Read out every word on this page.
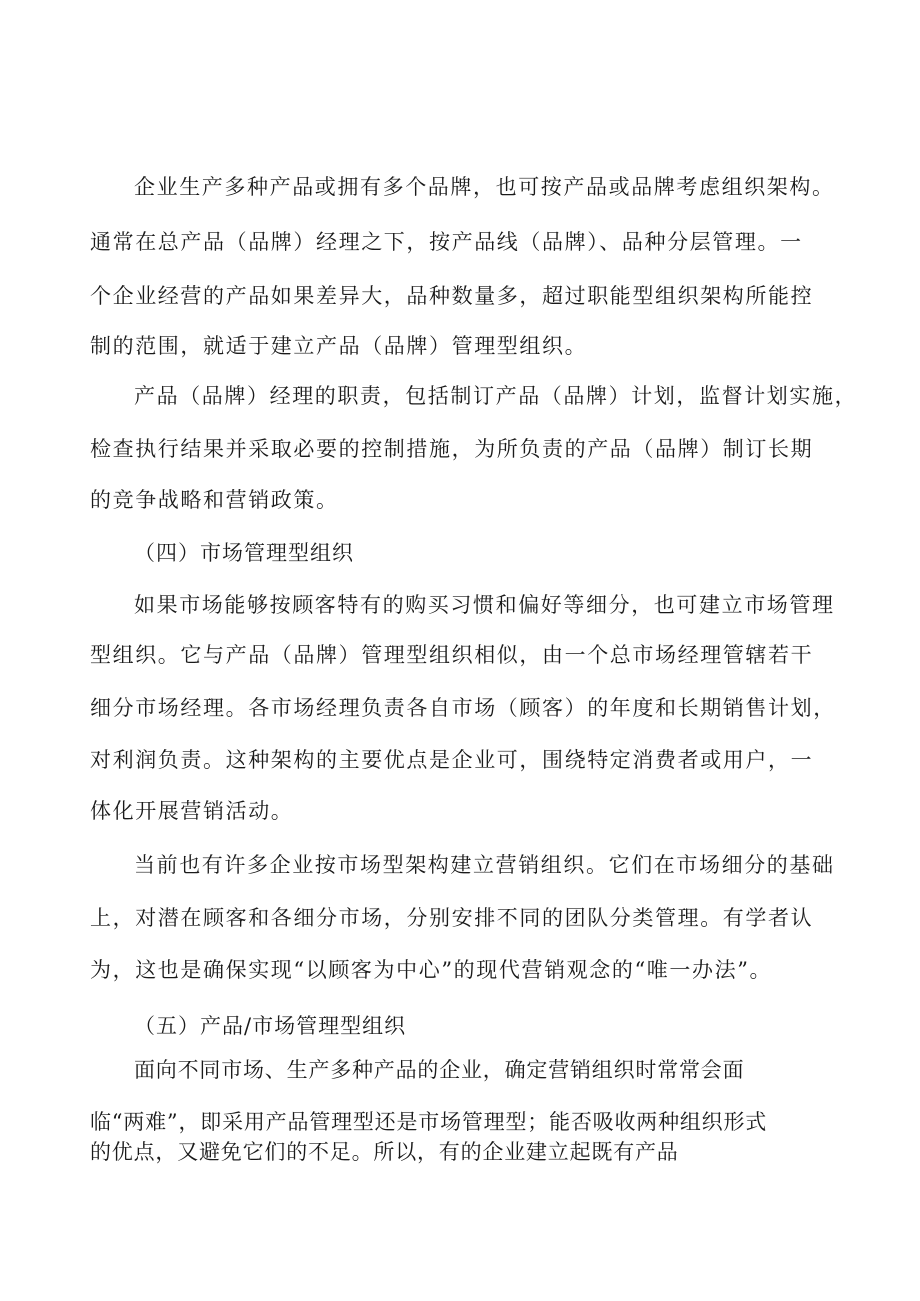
企业生产多种产品或拥有多个品牌，也可按产品或品牌考虑组织架构。
通常在总产品（品牌）经理之下，按产品线（品牌）、品种分层管理。一
个企业经营的产品如果差异大，品种数量多，超过职能型组织架构所能控
制的范围，就适于建立产品（品牌）管理型组织。
产品（品牌）经理的职责，包括制订产品（品牌）计划，监督计划实施，
检查执行结果并采取必要的控制措施，为所负责的产品（品牌）制订长期
的竞争战略和营销政策。
（四）市场管理型组织
如果市场能够按顾客特有的购买习惯和偏好等细分，也可建立市场管理
型组织。它与产品（品牌）管理型组织相似，由一个总市场经理管辖若干
细分市场经理。各市场经理负责各自市场（顾客）的年度和长期销售计划，
对利润负责。这种架构的主要优点是企业可，围绕特定消费者或用户，一
体化开展营销活动。
当前也有许多企业按市场型架构建立营销组织。它们在市场细分的基础
上，对潜在顾客和各细分市场，分别安排不同的团队分类管理。有学者认
为，这也是确保实现“以顾客为中心”的现代营销观念的“唯一办法”。
（五）产品/市场管理型组织
面向不同市场、生产多种产品的企业，确定营销组织时常常会面
临“两难”，即采用产品管理型还是市场管理型；能否吸收两种组织形式
的优点，又避免它们的不足。所以，有的企业建立起既有产品
